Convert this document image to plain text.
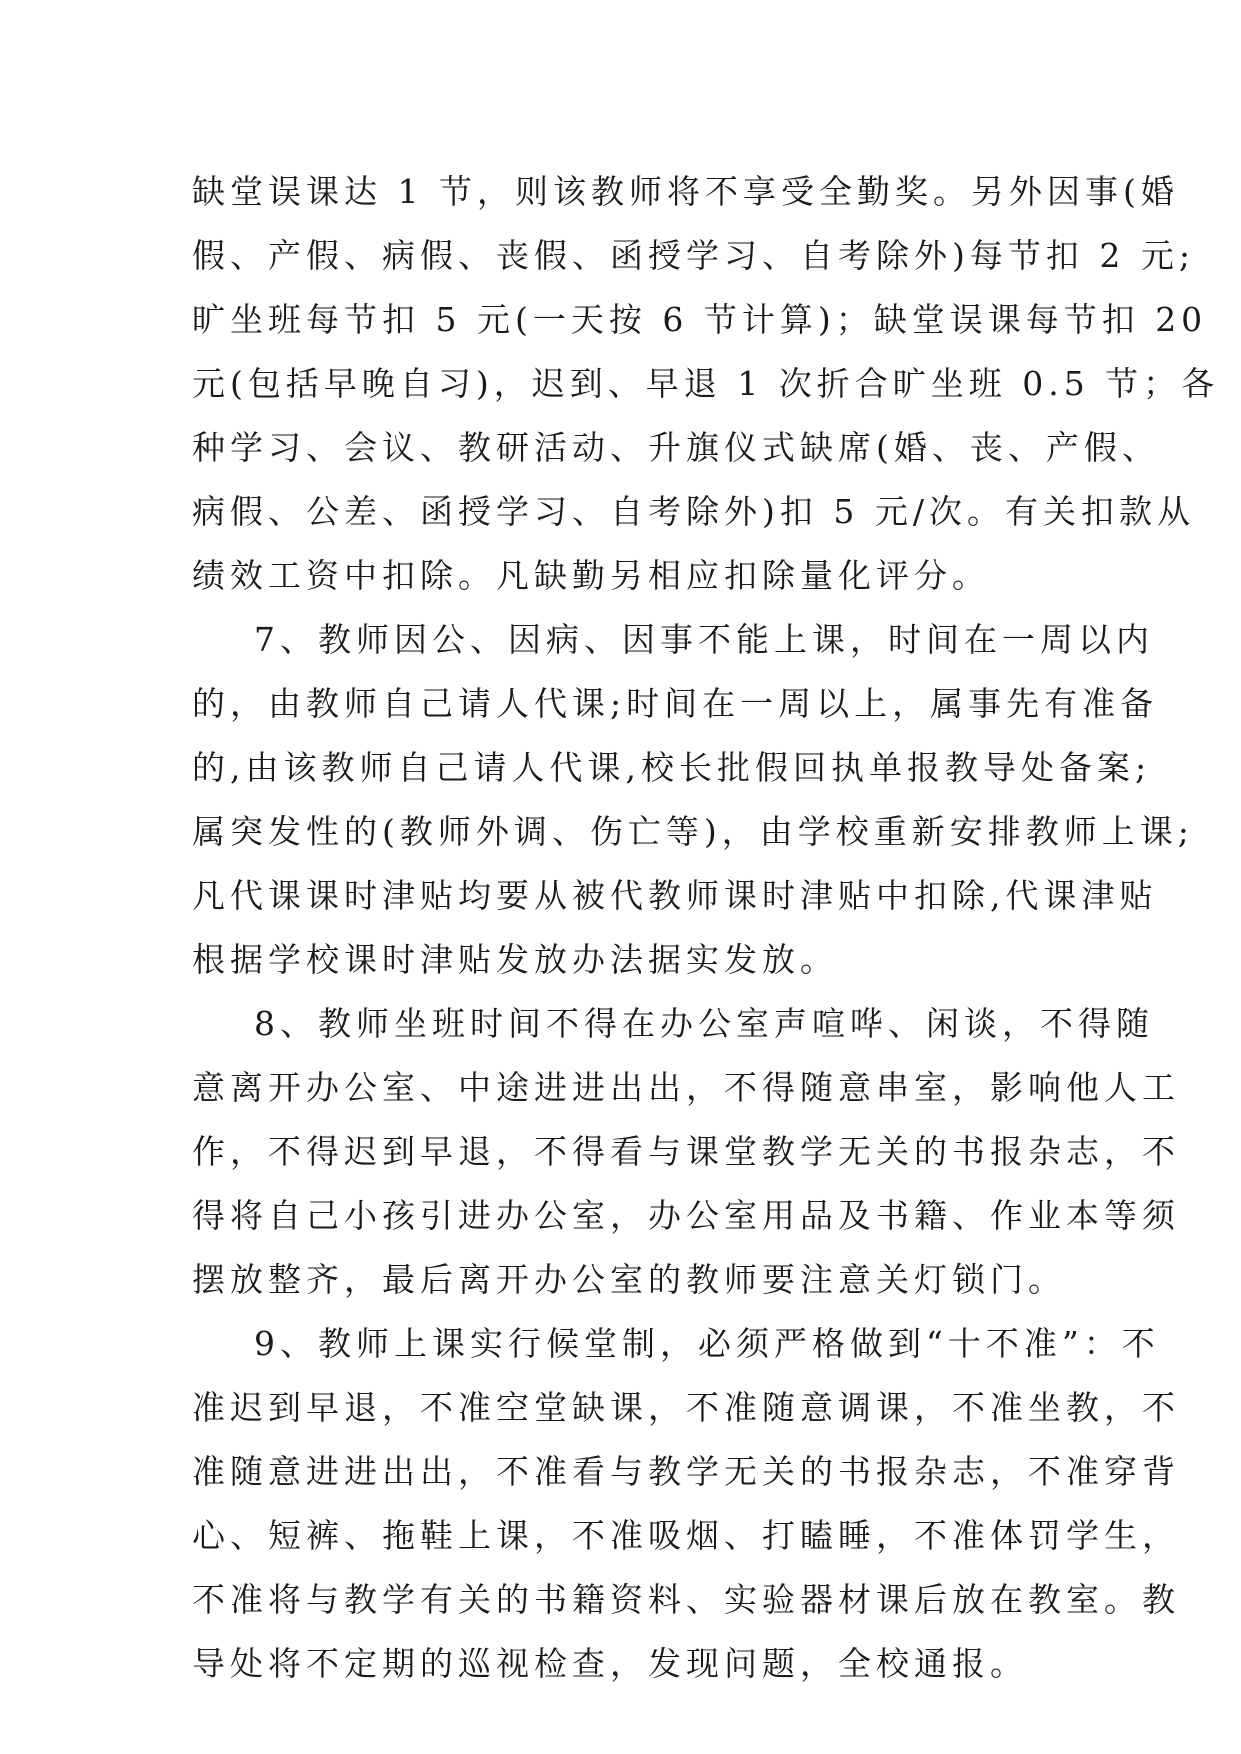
缺堂误课达 1 节，则该教师将不享受全勤奖。另外因事(婚
假、产假、病假、丧假、函授学习、自考除外)每节扣 2 元;
旷坐班每节扣 5 元(一天按 6 节计算)；缺堂误课每节扣 20
元(包括早晚自习)，迟到、早退 1 次折合旷坐班 0.5 节；各
种学习、会议、教研活动、升旗仪式缺席(婚、丧、产假、
病假、公差、函授学习、自考除外)扣 5 元/次。有关扣款从
绩效工资中扣除。凡缺勤另相应扣除量化评分。
7、教师因公、因病、因事不能上课，时间在一周以内
的，由教师自己请人代课;时间在一周以上，属事先有准备
的,由该教师自己请人代课,校长批假回执单报教导处备案;
属突发性的(教师外调、伤亡等)，由学校重新安排教师上课;
凡代课课时津贴均要从被代教师课时津贴中扣除,代课津贴
根据学校课时津贴发放办法据实发放。
8、教师坐班时间不得在办公室声喧哗、闲谈，不得随
意离开办公室、中途进进出出，不得随意串室，影响他人工
作，不得迟到早退，不得看与课堂教学无关的书报杂志，不
得将自己小孩引进办公室，办公室用品及书籍、作业本等须
摆放整齐，最后离开办公室的教师要注意关灯锁门。
9、教师上课实行候堂制，必须严格做到“十不准”：不
准迟到早退，不准空堂缺课，不准随意调课，不准坐教，不
准随意进进出出，不准看与教学无关的书报杂志，不准穿背
心、短裤、拖鞋上课，不准吸烟、打瞌睡，不准体罚学生，
不准将与教学有关的书籍资料、实验器材课后放在教室。教
导处将不定期的巡视检查，发现问题，全校通报。
